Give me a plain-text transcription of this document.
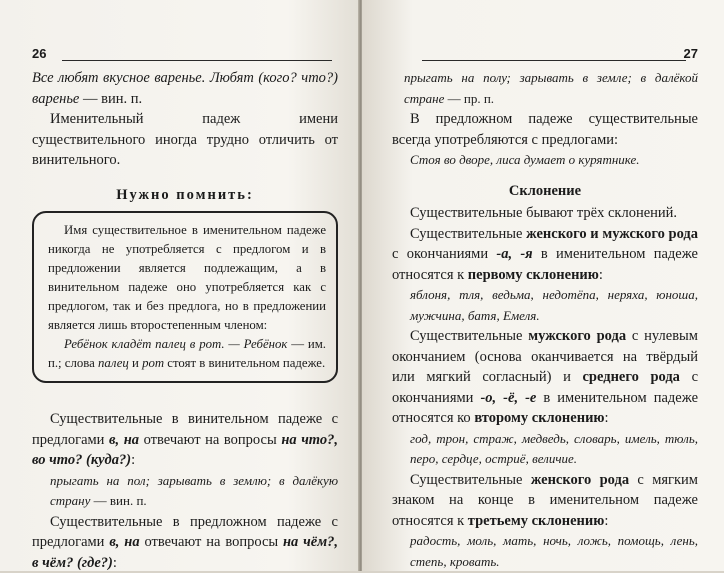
26

Все любят вкусное варенье. Любят (кого? что?) варенье — вин. п.

Именительный падеж имени существительного иногда трудно отличить от винительного.

Нужно помнить:

Имя существительное в именительном падеже никогда не употребляется с предлогом и в предложении является подлежащим, а в винительном падеже оно употребляется как с предлогом, так и без предлога, но в предложении является лишь второстепенным членом:

Ребёнок кладёт палец в рот. — Ребёнок — им. п.; слова палец и рот стоят в винительном падеже.

Существительные в винительном падеже с предлогами в, на отвечают на вопросы на что?, во что? (куда?):

прыгать на пол; зарывать в землю; в далёкую страну — вин. п.

Существительные в предложном падеже с предлогами в, на отвечают на вопросы на чём?, в чём? (где?):

27

прыгать на полу; зарывать в земле; в далёкой стране — пр. п.

В предложном падеже существительные всегда употребляются с предлогами:

Стоя во дворе, лиса думает о курятнике.

Склонение

Существительные бывают трёх склонений.

Существительные женского и мужского рода с окончаниями -а, -я в именительном падеже относятся к первому склонению:

яблоня, тля, ведьма, недотёпа, неряха, юноша, мужчина, батя, Емеля.

Существительные мужского рода с нулевым окончанием (основа оканчивается на твёрдый или мягкий согласный) и среднего рода с окончаниями -о, -ё, -е в именительном падеже относятся ко второму склонению:

год, трон, страж, медведь, словарь, имель, тюль, перо, сердце, остриё, величие.

Существительные женского рода с мягким знаком на конце в именительном падеже относятся к третьему склонению:

радость, моль, мать, ночь, ложь, помощь, лень, степь, кровать.
